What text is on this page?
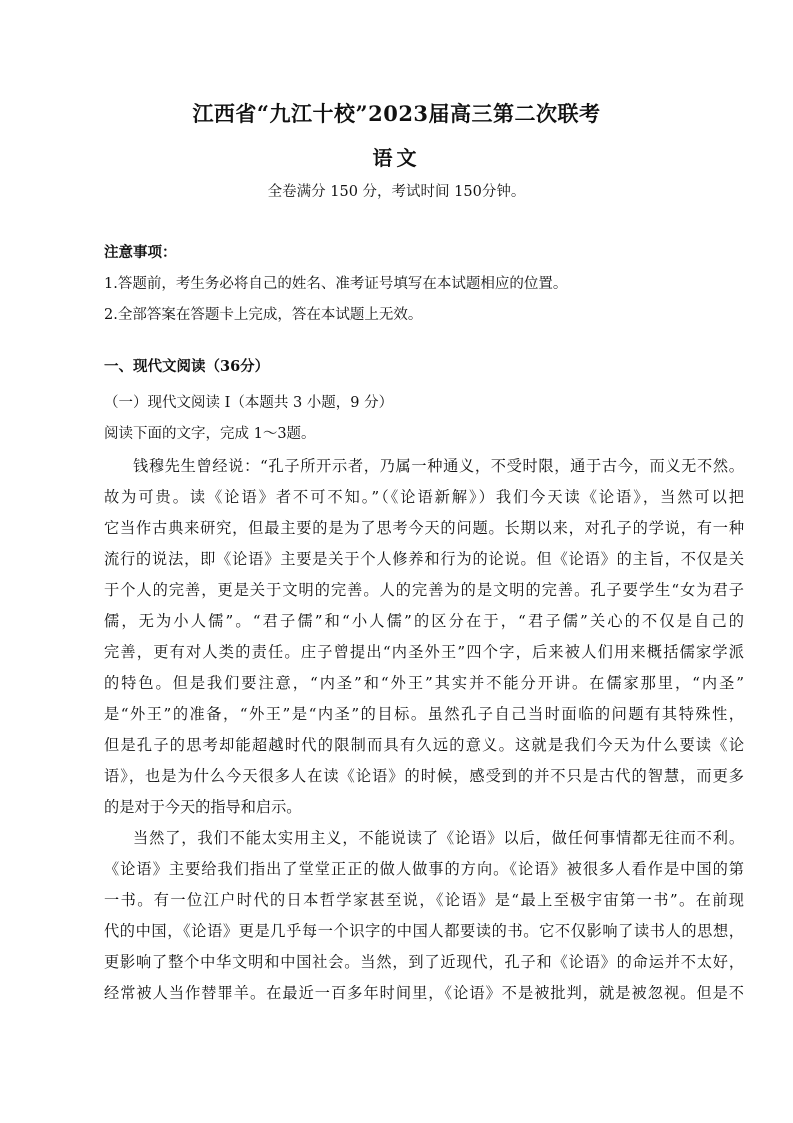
江西省“九江十校”2023届高三第二次联考
语文
全卷满分 150 分，考试时间 150分钟。
注意事项：
1.答题前，考生务必将自己的姓名、准考证号填写在本试题相应的位置。
2.全部答案在答题卡上完成，答在本试题上无效。
一、现代文阅读（36分）
（一）现代文阅读 I（本题共 3 小题，9 分）
阅读下面的文字，完成 1～3题。
钱穆先生曾经说：“孔子所开示者，乃属一种通义，不受时限，通于古今，而义无不然。
故为可贵。读《论语》者不可不知。”（《论语新解》）我们今天读《论语》，当然可以把
它当作古典来研究，但最主要的是为了思考今天的问题。长期以来，对孔子的学说，有一种
流行的说法，即《论语》主要是关于个人修养和行为的论说。但《论语》的主旨，不仅是关
于个人的完善，更是关于文明的完善。人的完善为的是文明的完善。孔子要学生“女为君子
儒，无为小人儒”。“君子儒”和“小人儒”的区分在于，“君子儒”关心的不仅是自己的
完善，更有对人类的责任。庄子曾提出“内圣外王”四个字，后来被人们用来概括儒家学派
的特色。但是我们要注意，“内圣”和“外王”其实并不能分开讲。在儒家那里，“内圣”
是“外王”的准备，“外王”是“内圣”的目标。虽然孔子自己当时面临的问题有其特殊性，
但是孔子的思考却能超越时代的限制而具有久远的意义。这就是我们今天为什么要读《论
语》，也是为什么今天很多人在读《论语》的时候，感受到的并不只是古代的智慧，而更多
的是对于今天的指导和启示。
当然了，我们不能太实用主义，不能说读了《论语》以后，做任何事情都无往而不利。
《论语》主要给我们指出了堂堂正正的做人做事的方向。《论语》被很多人看作是中国的第
一书。有一位江户时代的日本哲学家甚至说，《论语》是“最上至极宇宙第一书”。在前现
代的中国，《论语》更是几乎每一个识字的中国人都要读的书。它不仅影响了读书人的思想，
更影响了整个中华文明和中国社会。当然，到了近现代，孔子和《论语》的命运并不太好，
经常被人当作替罪羊。在最近一百多年时间里，《论语》不是被批判，就是被忽视。但是不
